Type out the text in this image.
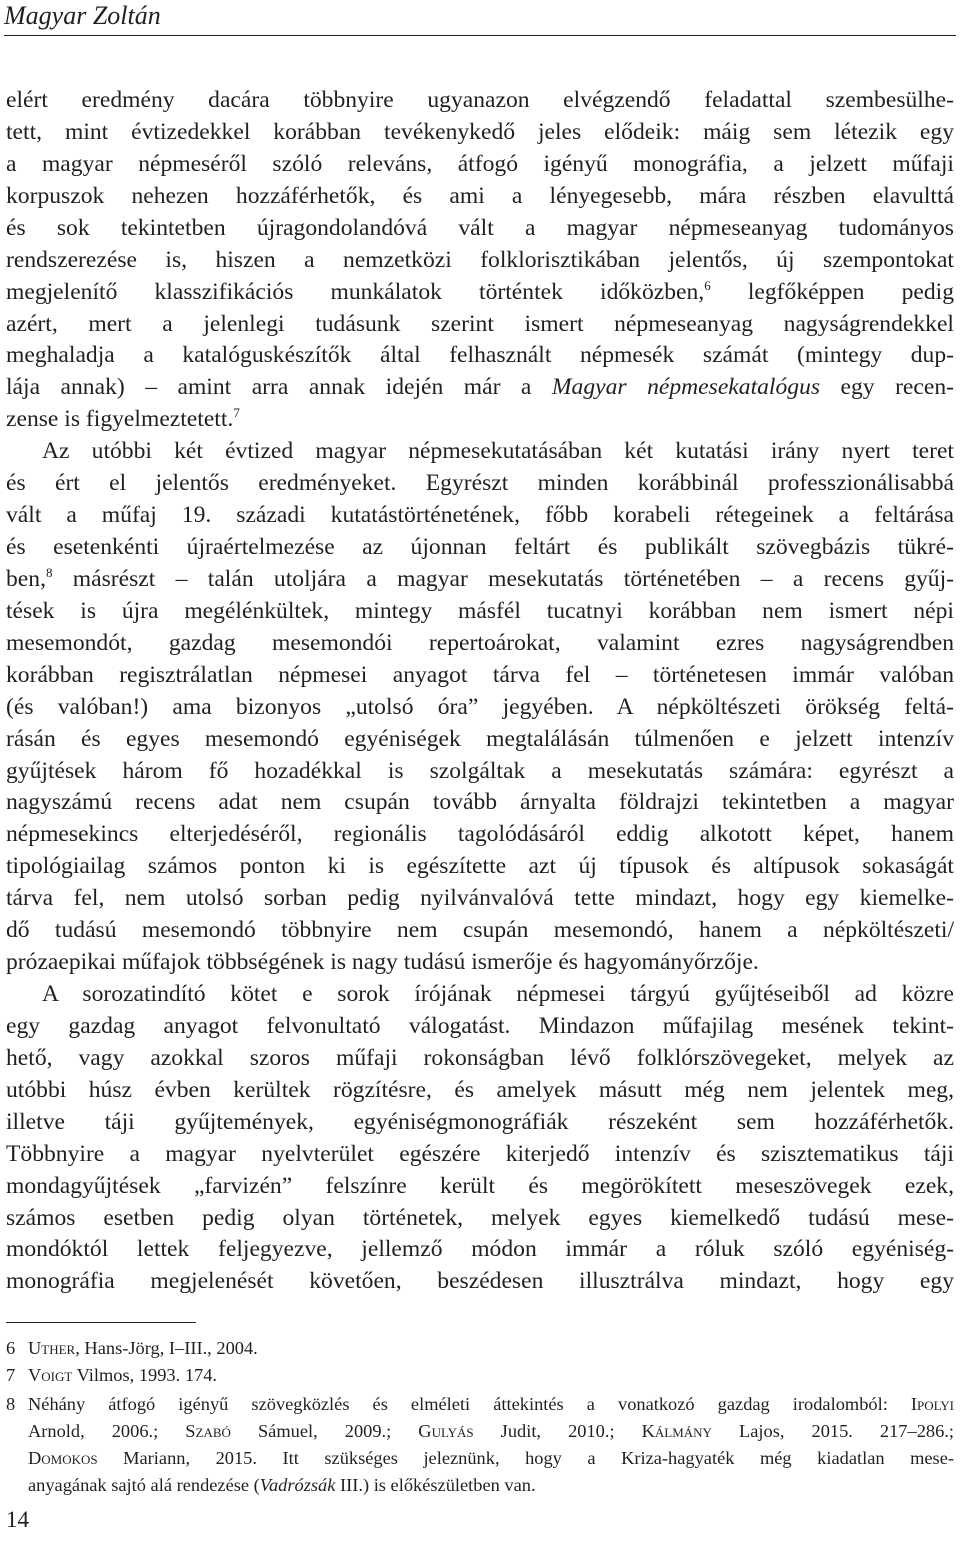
Magyar Zoltán
elért eredmény dacára többnyire ugyanazon elvégzendő feladattal szembesülhe-
tett, mint évtizedekkel korábban tevékenykedő jeles elődeik: máig sem létezik egy
a magyar népmeséről szóló releváns, átfogó igényű monográfia, a jelzett műfaji
korpuszok nehezen hozzáférhetők, és ami a lényegesebb, mára részben elavulttá
és sok tekintetben újragondolandóvá vált a magyar népmeseanyag tudományos
rendszerezése is, hiszen a nemzetközi folklorisztikában jelentős, új szempontokat
megjelenítő klasszifikációs munkálatok történtek időközben,$^6$ legfőképpen pedig
azért, mert a jelenlegi tudásunk szerint ismert népmeseanyag nagyságrendekkel
meghaladja a katalóguskészítők által felhasznált népmesék számát (mintegy dup-
lája annak) – amint arra annak idején már a Magyar népmesekatalógus egy recen-
zense is figyelmeztetett.$^7$
Az utóbbi két évtized magyar népmesekutatásában két kutatási irány nyert teret
és ért el jelentős eredményeket. Egyrészt minden korábbinál professzionálisabbá
vált a műfaj 19. századi kutatástörténetének, főbb korabeli rétegeinek a feltárása
és esetenkénti újraértelmezése az újonnan feltárt és publikált szövegbázis tükré-
ben,$^8$ másrészt – talán utoljára a magyar mesekutatás történetében – a recens gyűj-
tések is újra megélénkültek, mintegy másfél tucatnyi korábban nem ismert népi
mesemondót, gazdag mesemondói repertoárokat, valamint ezres nagyságrendben
korábban regisztrálatlan népmesei anyagot tárva fel – történetesen immár valóban
(és valóban!) ama bizonyos „utolsó óra” jegyében. A népköltészeti örökség feltá-
rásán és egyes mesemondó egyéniségek megtalálásán túlmenően e jelzett intenzív
gyűjtések három fő hozadékkal is szolgáltak a mesekutatás számára: egyrészt a
nagyszámú recens adat nem csupán tovább árnyalta földrajzi tekintetben a magyar
népmesekincs elterjedéséről, regionális tagolódásáról eddig alkotott képet, hanem
tipológiailag számos ponton ki is egészítette azt új típusok és altípusok sokaságát
tárva fel, nem utolsó sorban pedig nyilvánvalóvá tette mindazt, hogy egy kiemelke-
dő tudású mesemondó többnyire nem csupán mesemondó, hanem a népköltészeti/
prózaepikai műfajok többségének is nagy tudású ismerője és hagyományőrzője.
A sorozatindító kötet e sorok írójának népmesei tárgyú gyűjtéseiből ad közre
egy gazdag anyagot felvonultató válogatást. Mindazon műfajilag mesének tekint-
hető, vagy azokkal szoros műfaji rokonságban lévő folklórszövegeket, melyek az
utóbbi húsz évben kerültek rögzítésre, és amelyek másutt még nem jelentek meg,
illetve táji gyűjtemények, egyéniségmonográfiák részeként sem hozzáférhetők.
Többnyire a magyar nyelvterület egészére kiterjedő intenzív és szisztematikus táji
mondagyűjtések „farvizén” felszínre került és megörökített meseszövegek ezek,
számos esetben pedig olyan történetek, melyek egyes kiemelkedő tudású mese-
mondóktól lettek feljegyezve, jellemző módon immár a róluk szóló egyéniség-
monográfia megjelenését követően, beszédesen illusztrálva mindazt, hogy egy
6 Uther, Hans-Jörg, I–III., 2004.
7 Voigt Vilmos, 1993. 174.
8 Néhány átfogó igényű szövegközlés és elméleti áttekintés a vonatkozó gazdag irodalomból: Ipolyi
Arnold, 2006.; Szabó Sámuel, 2009.; Gulyás Judit, 2010.; Kálmány Lajos, 2015. 217–286.;
Domokos Mariann, 2015. Itt szükséges jeleznünk, hogy a Kriza-hagyaték még kiadatlan mese-
anyagának sajtó alá rendezése (Vadrózsák III.) is előkészületben van.
14
